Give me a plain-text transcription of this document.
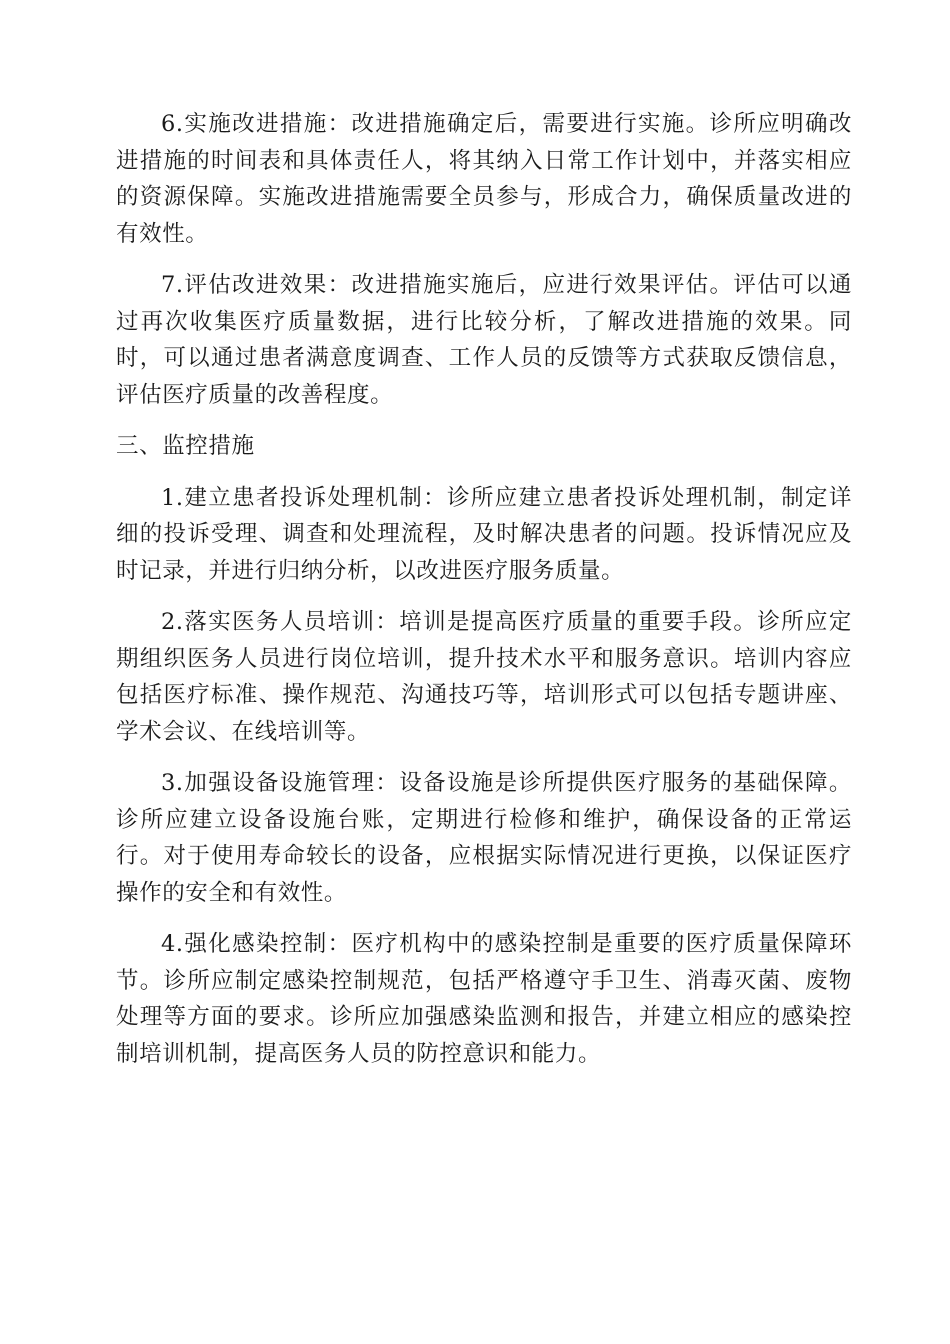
6.实施改进措施：改进措施确定后，需要进行实施。诊所应明确改进措施的时间表和具体责任人，将其纳入日常工作计划中，并落实相应的资源保障。实施改进措施需要全员参与，形成合力，确保质量改进的有效性。

7.评估改进效果：改进措施实施后，应进行效果评估。评估可以通过再次收集医疗质量数据，进行比较分析，了解改进措施的效果。同时，可以通过患者满意度调查、工作人员的反馈等方式获取反馈信息，评估医疗质量的改善程度。

三、监控措施

1.建立患者投诉处理机制：诊所应建立患者投诉处理机制，制定详细的投诉受理、调查和处理流程，及时解决患者的问题。投诉情况应及时记录，并进行归纳分析，以改进医疗服务质量。

2.落实医务人员培训：培训是提高医疗质量的重要手段。诊所应定期组织医务人员进行岗位培训，提升技术水平和服务意识。培训内容应包括医疗标准、操作规范、沟通技巧等，培训形式可以包括专题讲座、学术会议、在线培训等。

3.加强设备设施管理：设备设施是诊所提供医疗服务的基础保障。诊所应建立设备设施台账，定期进行检修和维护，确保设备的正常运行。对于使用寿命较长的设备，应根据实际情况进行更换，以保证医疗操作的安全和有效性。

4.强化感染控制：医疗机构中的感染控制是重要的医疗质量保障环节。诊所应制定感染控制规范，包括严格遵守手卫生、消毒灭菌、废物处理等方面的要求。诊所应加强感染监测和报告，并建立相应的感染控制培训机制，提高医务人员的防控意识和能力。
